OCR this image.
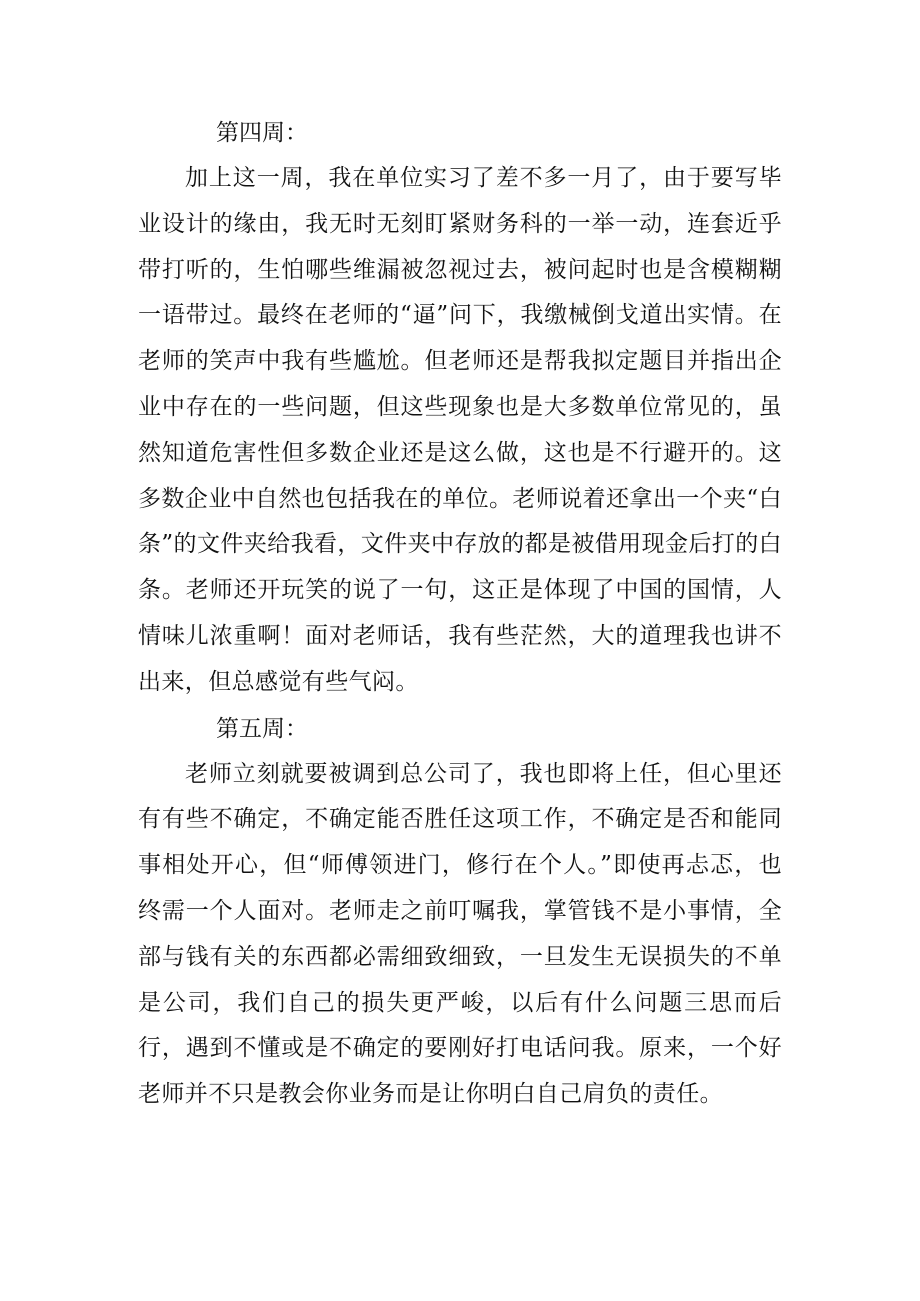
第四周：

加上这一周，我在单位实习了差不多一月了，由于要写毕业设计的缘由，我无时无刻盯紧财务科的一举一动，连套近乎带打听的，生怕哪些维漏被忽视过去，被问起时也是含模糊糊一语带过。最终在老师的“逼”问下，我缴械倒戈道出实情。在老师的笑声中我有些尴尬。但老师还是帮我拟定题目并指出企业中存在的一些问题，但这些现象也是大多数单位常见的，虽然知道危害性但多数企业还是这么做，这也是不行避开的。这多数企业中自然也包括我在的单位。老师说着还拿出一个夹“白条”的文件夹给我看，文件夹中存放的都是被借用现金后打的白条。老师还开玩笑的说了一句，这正是体现了中国的国情，人情味儿浓重啊！面对老师话，我有些茫然，大的道理我也讲不出来，但总感觉有些气闷。

第五周：

老师立刻就要被调到总公司了，我也即将上任，但心里还有有些不确定，不确定能否胜任这项工作，不确定是否和能同事相处开心，但“师傅领进门，修行在个人。”即使再忐忑，也终需一个人面对。老师走之前叮嘱我，掌管钱不是小事情，全部与钱有关的东西都必需细致细致，一旦发生无误损失的不单是公司，我们自己的损失更严峻，以后有什么问题三思而后行，遇到不懂或是不确定的要刚好打电话问我。原来，一个好老师并不只是教会你业务而是让你明白自己肩负的责任。
